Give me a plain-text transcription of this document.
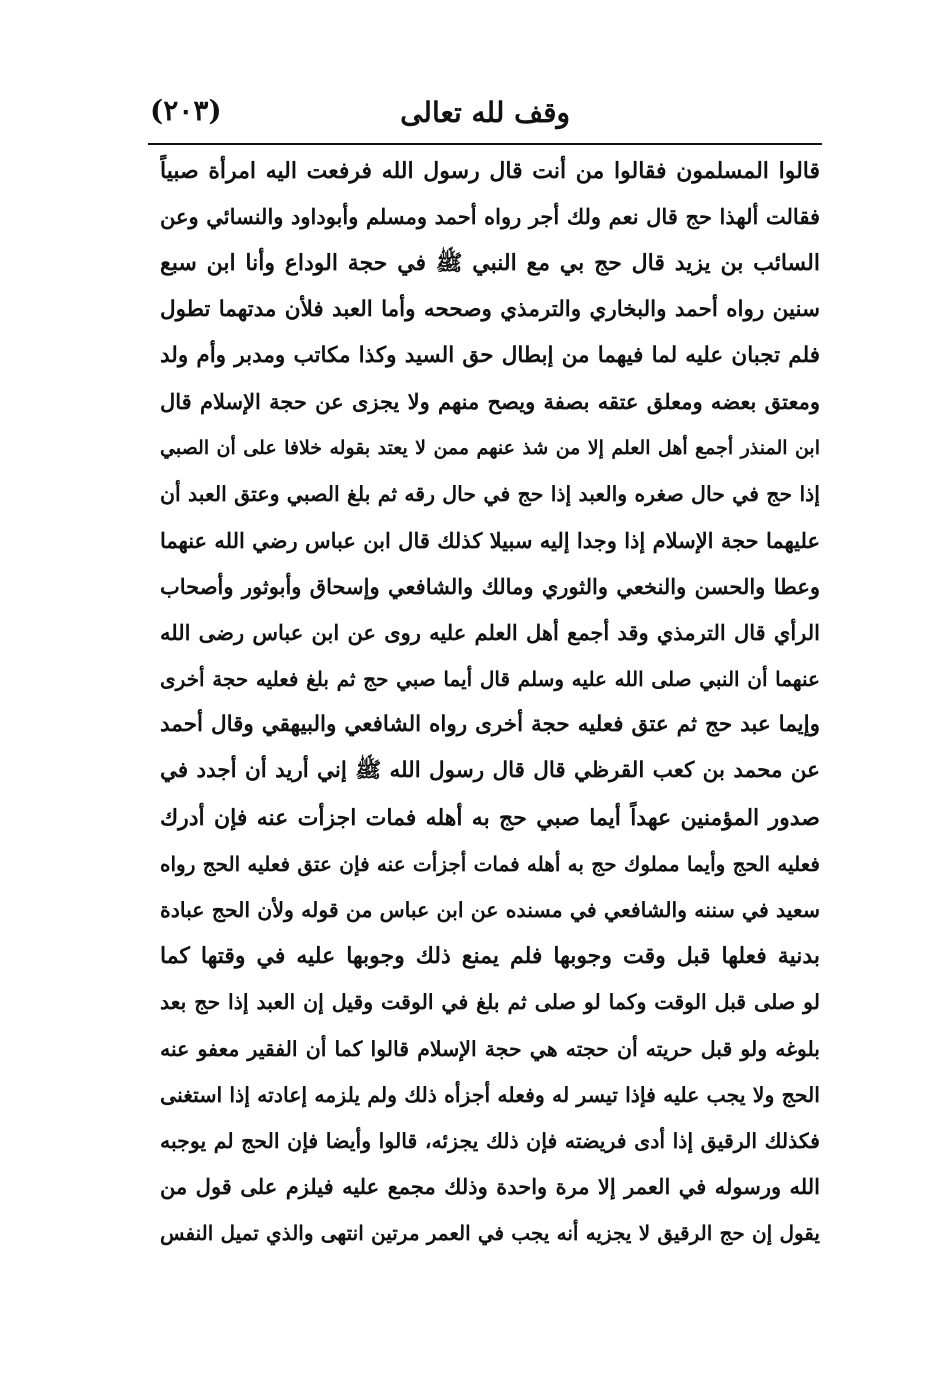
وقف لله تعالى
(٢٠٣)
قالوا المسلمون فقالوا من أنت قال رسول الله فرفعت اليه امرأة صبياً
فقالت ألهذا حج قال نعم ولك أجر رواه أحمد ومسلم وأبوداود والنسائي وعن
السائب بن يزيد قال حج بي مع النبي ﷺ في حجة الوداع وأنا ابن سبع
سنين رواه أحمد والبخاري والترمذي وصححه وأما العبد فلأن مدتهما تطول
فلم تجبان عليه لما فيهما من إبطال حق السيد وكذا مكاتب ومدبر وأم ولد
ومعتق بعضه ومعلق عتقه بصفة ويصح منهم ولا يجزى عن حجة الإسلام قال
ابن المنذر أجمع أهل العلم إلا من شذ عنهم ممن لا يعتد بقوله خلافا على أن الصبي
إذا حج في حال صغره والعبد إذا حج في حال رقه ثم بلغ الصبي وعتق العبد أن
عليهما حجة الإسلام إذا وجدا إليه سبيلا كذلك قال ابن عباس رضي الله عنهما
وعطا والحسن والنخعي والثوري ومالك والشافعي وإسحاق وأبوثور وأصحاب
الرأي قال الترمذي وقد أجمع أهل العلم عليه روى عن ابن عباس رضى الله
عنهما أن النبي صلى الله عليه وسلم قال أيما صبي حج ثم بلغ فعليه حجة أخرى
وإيما عبد حج ثم عتق فعليه حجة أخرى رواه الشافعي والبيهقي وقال أحمد
عن محمد بن كعب القرظي قال قال رسول الله ﷺ إني أريد أن أجدد في
صدور المؤمنين عهداً أيما صبي حج به أهله فمات اجزأت عنه فإن أدرك
فعليه الحج وأيما مملوك حج به أهله فمات أجزأت عنه فإن عتق فعليه الحج رواه
سعيد في سننه والشافعي في مسنده عن ابن عباس من قوله ولأن الحج عبادة
بدنية فعلها قبل وقت وجوبها فلم يمنع ذلك وجوبها عليه في وقتها كما
لو صلى قبل الوقت وكما لو صلى ثم بلغ في الوقت وقيل إن العبد إذا حج بعد
بلوغه ولو قبل حريته أن حجته هي حجة الإسلام قالوا كما أن الفقير معفو عنه
الحج ولا يجب عليه فإذا تيسر له وفعله أجزأه ذلك ولم يلزمه إعادته إذا استغنى
فكذلك الرقيق إذا أدى فريضته فإن ذلك يجزئه، قالوا وأيضا فإن الحج لم يوجبه
الله ورسوله في العمر إلا مرة واحدة وذلك مجمع عليه فيلزم على قول من
يقول إن حج الرقيق لا يجزيه أنه يجب في العمر مرتين انتهى والذي تميل النفس
